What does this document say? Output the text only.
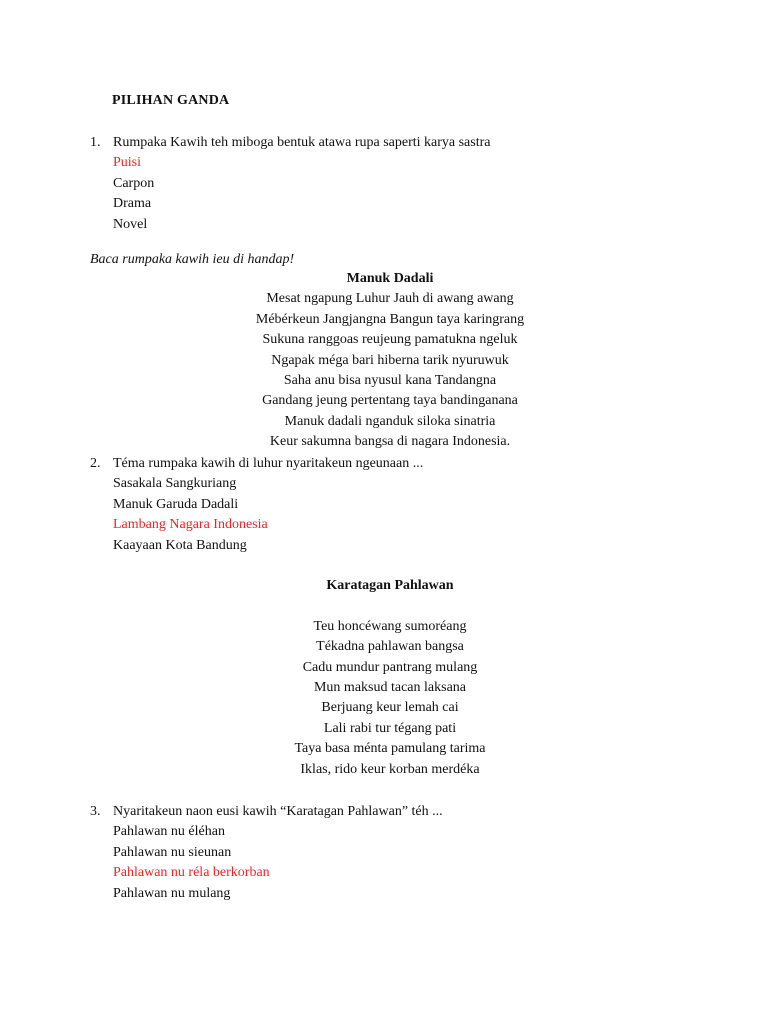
PILIHAN GANDA
1. Rumpaka Kawih teh miboga bentuk atawa rupa saperti karya sastra
Puisi
Carpon
Drama
Novel
Baca rumpaka kawih ieu di handap!
Manuk Dadali
Mesat ngapung Luhur Jauh di awang awang
Mébérkeun Jangjangna Bangun taya karingrang
Sukuna ranggoas reujeung pamatukna ngeluk
Ngapak méga bari hiberna tarik nyuruwuk
Saha anu bisa nyusul kana Tandangna
Gandang jeung pertentang taya bandinganana
Manuk dadali nganduk siloka sinatria
Keur sakumna bangsa di nagara Indonesia.
2. Téma rumpaka kawih di luhur nyaritakeun ngeunaan ...
Sasakala Sangkuriang
Manuk Garuda Dadali
Lambang Nagara Indonesia
Kaayaan Kota Bandung
Karatagan Pahlawan
Teu honcéwang sumoréang
Tékadna pahlawan bangsa
Cadu mundur pantrang mulang
Mun maksud tacan laksana
Berjuang keur lemah cai
Lali rabi tur tégang pati
Taya basa ménta pamulang tarima
Iklas, rido keur korban merdéka
3. Nyaritakeun naon eusi kawih “Karatagan Pahlawan” téh ...
Pahlawan nu éléhan
Pahlawan nu sieunan
Pahlawan nu réla berkorban
Pahlawan nu mulang
